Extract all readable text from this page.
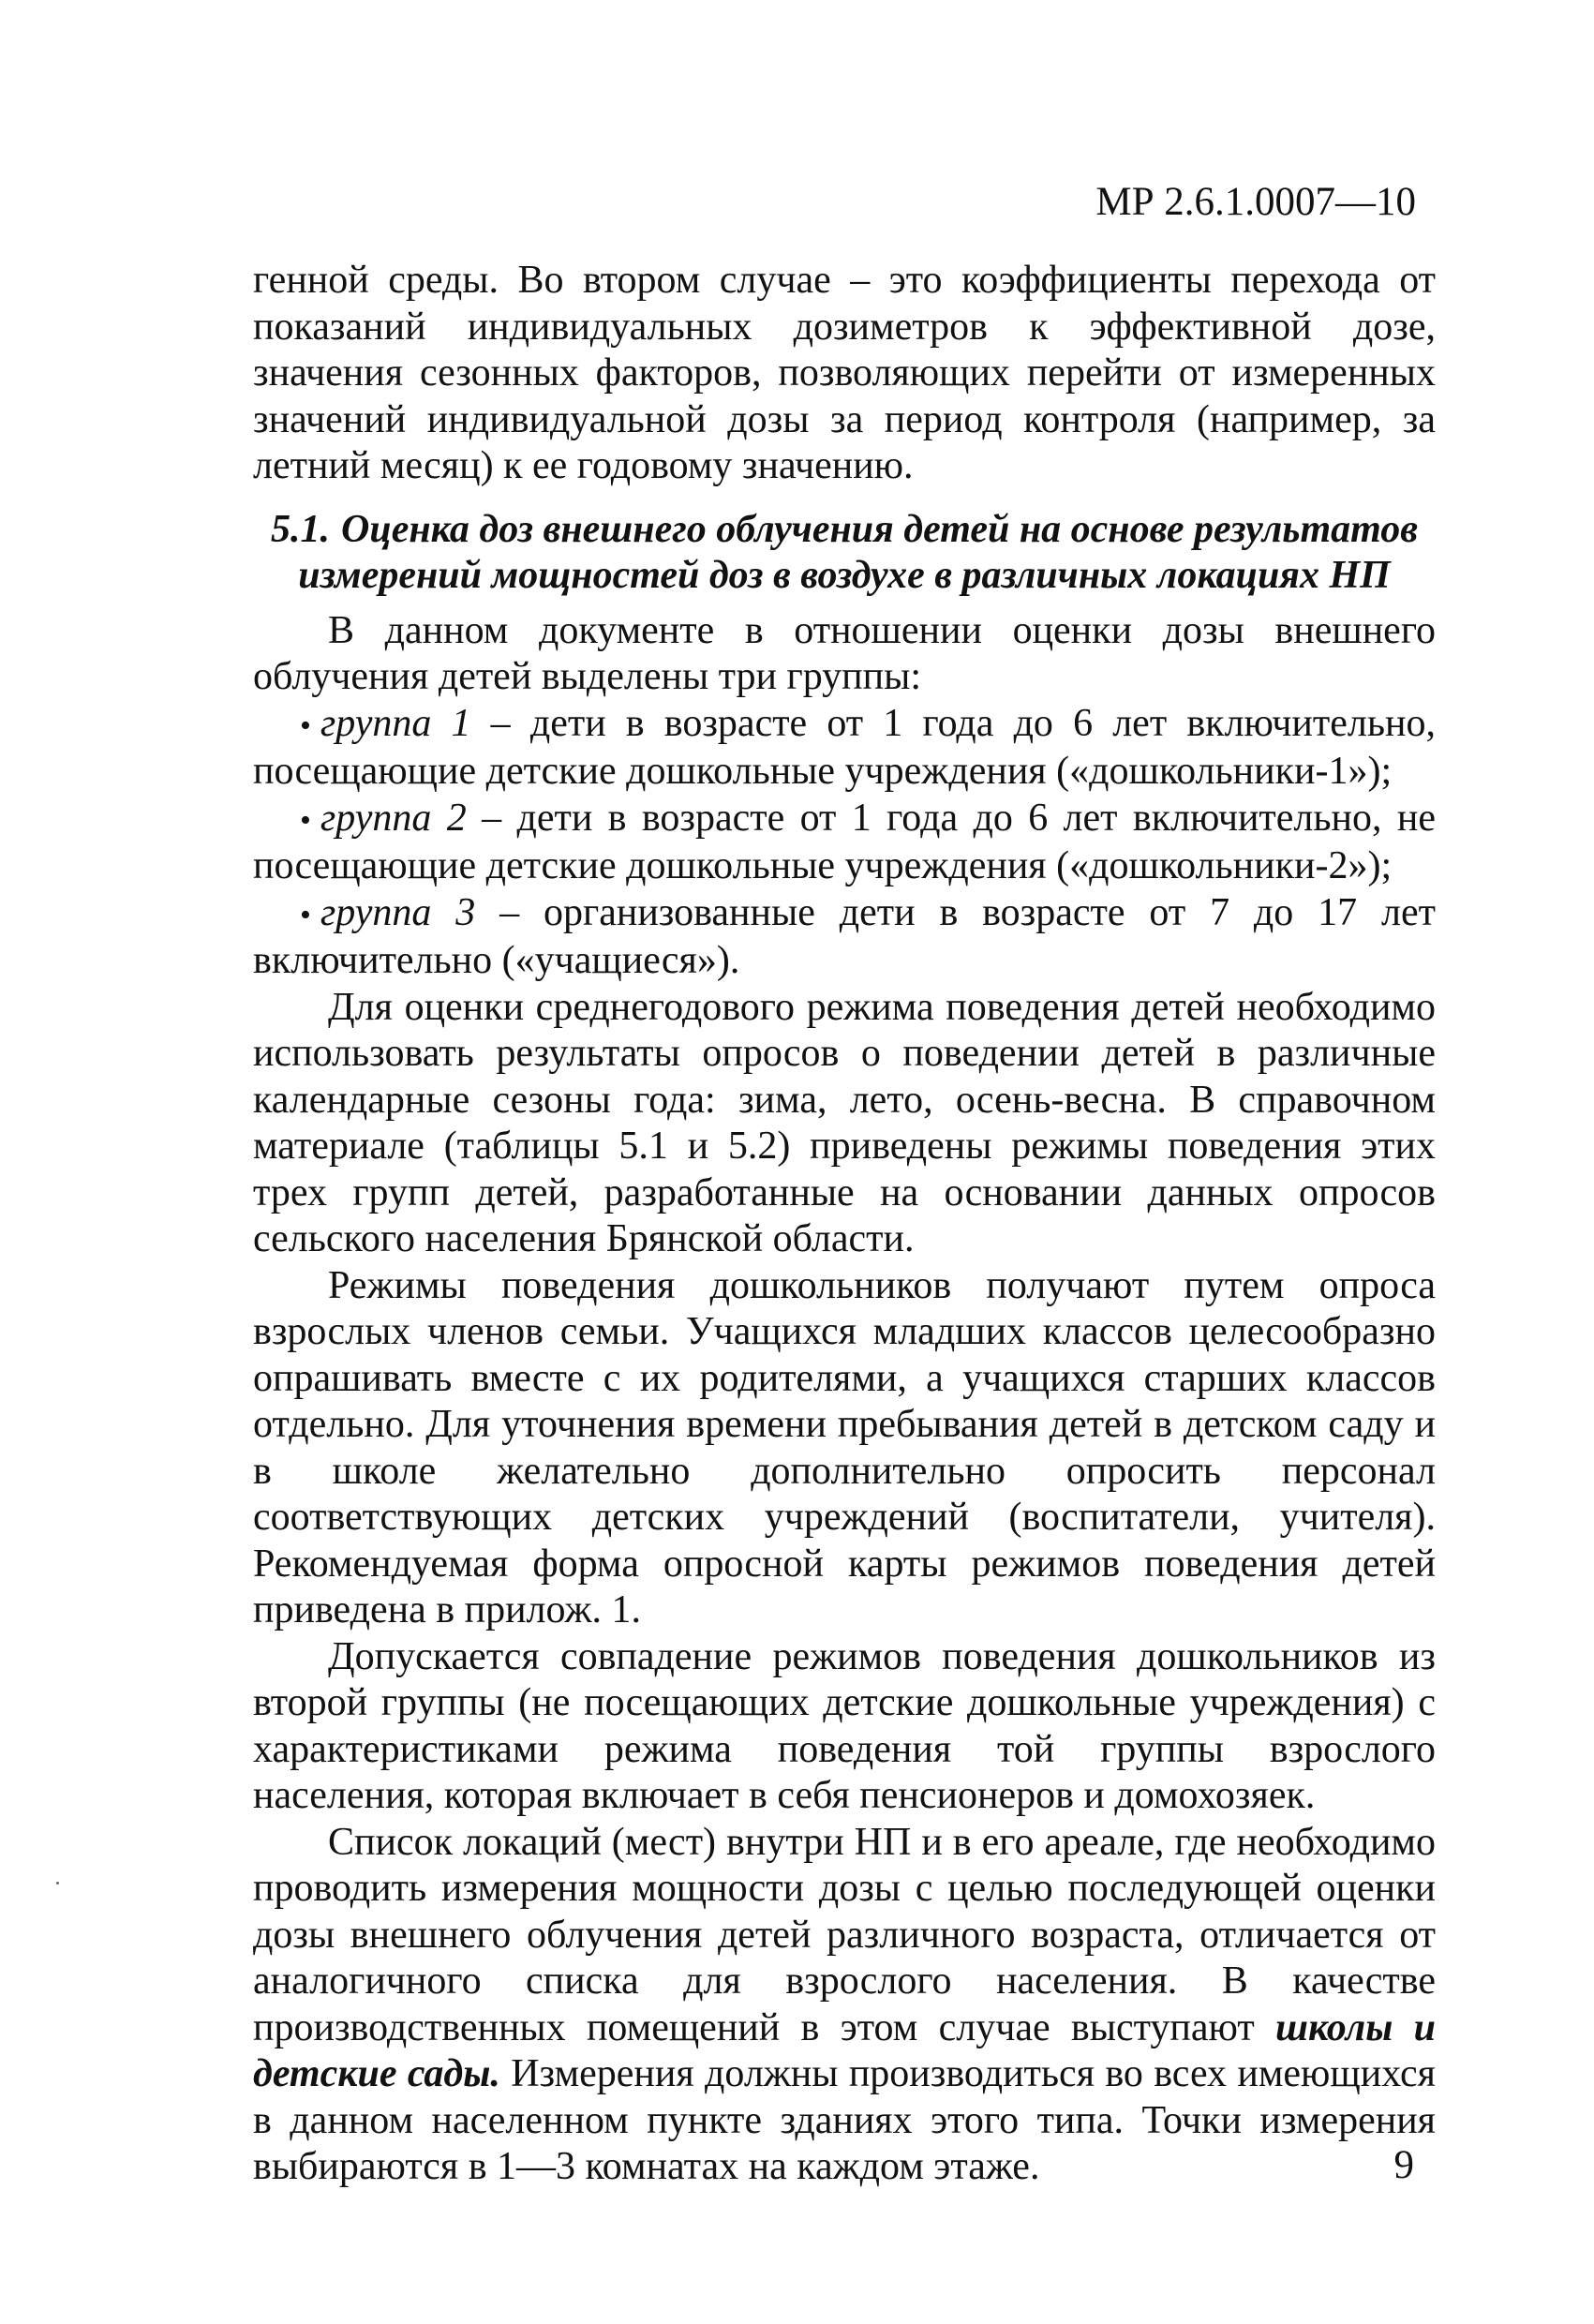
МР 2.6.1.0007—10

генной среды. Во втором случае – это коэффициенты перехода от показаний индивидуальных дозиметров к эффективной дозе, значения сезонных факторов, позволяющих перейти от измеренных значений индивидуальной дозы за период контроля (например, за летний месяц) к ее годовому значению.

5.1. Оценка доз внешнего облучения детей на основе результатов измерений мощностей доз в воздухе в различных локациях НП

В данном документе в отношении оценки дозы внешнего облучения детей выделены три группы:

• группа 1 – дети в возрасте от 1 года до 6 лет включительно, посещающие детские дошкольные учреждения («дошкольники-1»);

• группа 2 – дети в возрасте от 1 года до 6 лет включительно, не посещающие детские дошкольные учреждения («дошкольники-2»);

• группа 3 – организованные дети в возрасте от 7 до 17 лет включительно («учащиеся»).

Для оценки среднегодового режима поведения детей необходимо использовать результаты опросов о поведении детей в различные календарные сезоны года: зима, лето, осень-весна. В справочном материале (таблицы 5.1 и 5.2) приведены режимы поведения этих трех групп детей, разработанные на основании данных опросов сельского населения Брянской области.

Режимы поведения дошкольников получают путем опроса взрослых членов семьи. Учащихся младших классов целесообразно опрашивать вместе с их родителями, а учащихся старших классов отдельно. Для уточнения времени пребывания детей в детском саду и в школе желательно дополнительно опросить персонал соответствующих детских учреждений (воспитатели, учителя). Рекомендуемая форма опросной карты режимов поведения детей приведена в прилож. 1.

Допускается совпадение режимов поведения дошкольников из второй группы (не посещающих детские дошкольные учреждения) с характеристиками режима поведения той группы взрослого населения, которая включает в себя пенсионеров и домохозяек.

Список локаций (мест) внутри НП и в его ареале, где необходимо проводить измерения мощности дозы с целью последующей оценки дозы внешнего облучения детей различного возраста, отличается от аналогичного списка для взрослого населения. В качестве производственных помещений в этом случае выступают школы и детские сады. Измерения должны производиться во всех имеющихся в данном населенном пункте зданиях этого типа. Точки измерения выбираются в 1—3 комнатах на каждом этаже.	9
